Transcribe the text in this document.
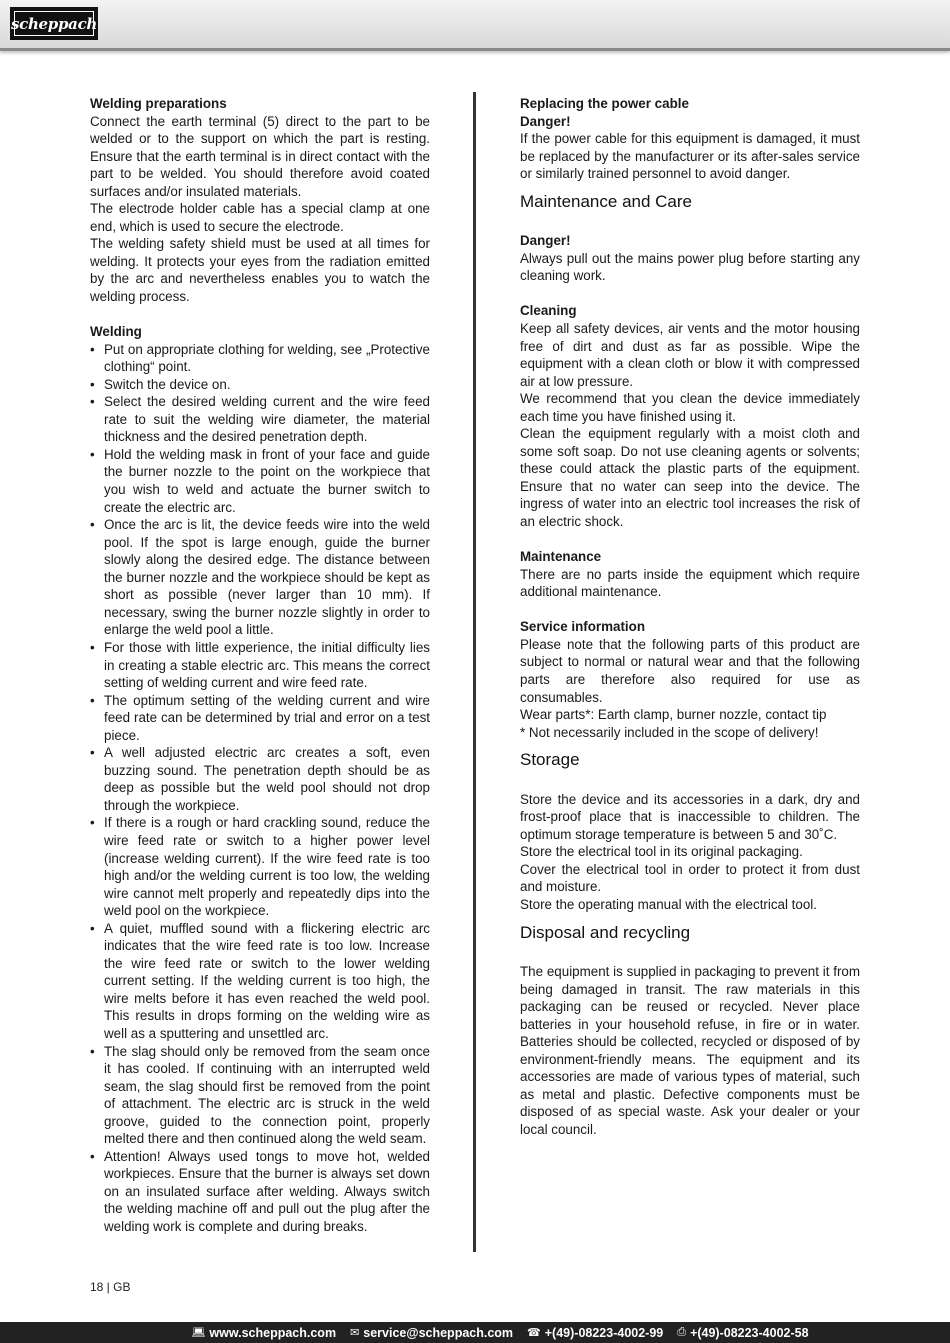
scheppach
Welding preparations

Connect the earth terminal (5) direct to the part to be welded or to the support on which the part is resting. Ensure that the earth terminal is in direct contact with the part to be welded. You should therefore avoid coated surfaces and/or insulated materials.

The electrode holder cable has a special clamp at one end, which is used to secure the electrode.

The welding safety shield must be used at all times for welding. It protects your eyes from the radiation emitted by the arc and nevertheless enables you to watch the welding process.

Welding
• Put on appropriate clothing for welding, see „Protective clothing“ point.
• Switch the device on.
• Select the desired welding current and the wire feed rate to suit the welding wire diameter, the material thickness and the desired penetration depth.
• Hold the welding mask in front of your face and guide the burner nozzle to the point on the workpiece that you wish to weld and actuate the burner switch to create the electric arc.
• Once the arc is lit, the device feeds wire into the weld pool. If the spot is large enough, guide the burner slowly along the desired edge. The distance between the burner nozzle and the workpiece should be kept as short as possible (never larger than 10 mm). If necessary, swing the burner nozzle slightly in order to enlarge the weld pool a little.
• For those with little experience, the initial difficulty lies in creating a stable electric arc. This means the correct setting of welding current and wire feed rate.
• The optimum setting of the welding current and wire feed rate can be determined by trial and error on a test piece.
• A well adjusted electric arc creates a soft, even buzzing sound. The penetration depth should be as deep as possible but the weld pool should not drop through the workpiece.
• If there is a rough or hard crackling sound, reduce the wire feed rate or switch to a higher power level (increase welding current). If the wire feed rate is too high and/or the welding current is too low, the welding wire cannot melt properly and repeatedly dips into the weld pool on the workpiece.
• A quiet, muffled sound with a flickering electric arc indicates that the wire feed rate is too low. Increase the wire feed rate or switch to the lower welding current setting. If the welding current is too high, the wire melts before it has even reached the weld pool. This results in drops forming on the welding wire as well as a sputtering and unsettled arc.
• The slag should only be removed from the seam once it has cooled. If continuing with an interrupted weld seam, the slag should first be removed from the point of attachment. The electric arc is struck in the weld groove, guided to the connection point, properly melted there and then continued along the weld seam.
• Attention! Always used tongs to move hot, welded workpieces. Ensure that the burner is always set down on an insulated surface after welding. Always switch the welding machine off and pull out the plug after the welding work is complete and during breaks.
Replacing the power cable
Danger!

If the power cable for this equipment is damaged, it must be replaced by the manufacturer or its after-sales service or similarly trained personnel to avoid danger.

Maintenance and Care
Danger!

Always pull out the mains power plug before starting any cleaning work.

Cleaning

Keep all safety devices, air vents and the motor housing free of dirt and dust as far as possible. Wipe the equipment with a clean cloth or blow it with compressed air at low pressure.

We recommend that you clean the device immediately each time you have finished using it.

Clean the equipment regularly with a moist cloth and some soft soap. Do not use cleaning agents or solvents; these could attack the plastic parts of the equipment. Ensure that no water can seep into the device. The ingress of water into an electric tool increases the risk of an electric shock.

Maintenance

There are no parts inside the equipment which require additional maintenance.

Service information

Please note that the following parts of this product are subject to normal or natural wear and that the following parts are therefore also required for use as consumables.

Wear parts*: Earth clamp, burner nozzle, contact tip

* Not necessarily included in the scope of delivery!

Storage

Store the device and its accessories in a dark, dry and frost-proof place that is inaccessible to children. The optimum storage temperature is between 5 and 30˚C.

Store the electrical tool in its original packaging.

Cover the electrical tool in order to protect it from dust and moisture.

Store the operating manual with the electrical tool.

Disposal and recycling

The equipment is supplied in packaging to prevent it from being damaged in transit. The raw materials in this packaging can be reused or recycled. Never place batteries in your household refuse, in fire or in water. Batteries should be collected, recycled or disposed of by environment-friendly means. The equipment and its accessories are made of various types of material, such as metal and plastic. Defective components must be disposed of as special waste. Ask your dealer or your local council.

18 | GB
💻︎ www.scheppach.com ✉ service@scheppach.com ☎ +(49)-08223-4002-99 ⎙ +(49)-08223-4002-58
